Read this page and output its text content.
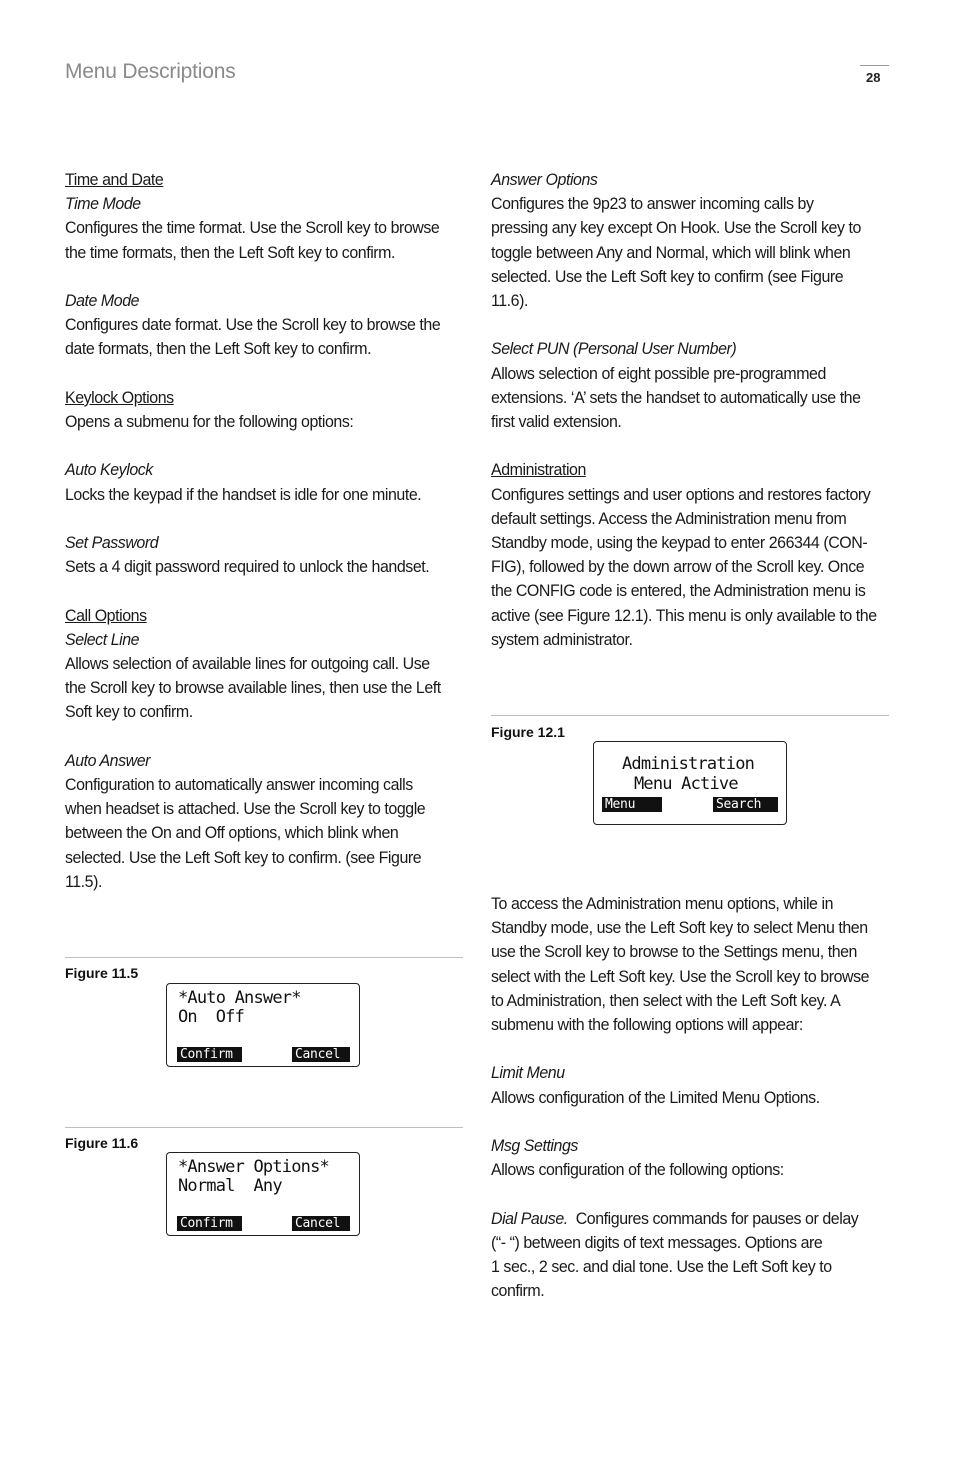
Menu Descriptions	28

Time and Date

Time Mode

Configures the time format. Use the Scroll key to browse

the time formats, then the Left Soft key to confirm.

Date Mode

Configures date format. Use the Scroll key to browse the

date formats, then the Left Soft key to confirm.

Keylock Options

Opens a submenu for the following options:

Auto Keylock

Locks the keypad if the handset is idle for one minute.

Set Password

Sets a 4 digit password required to unlock the handset.

Call Options

Select Line

Allows selection of available lines for outgoing call. Use

the Scroll key to browse available lines, then use the Left

Soft key to confirm.

Auto Answer

Configuration to automatically answer incoming calls

when headset is attached. Use the Scroll key to toggle

between the On and Off options, which blink when

selected. Use the Left Soft key to confirm. (see Figure

11.5).

Answer Options

Configures the 9p23 to answer incoming calls by

pressing any key except On Hook. Use the Scroll key to

toggle between Any and Normal, which will blink when

selected. Use the Left Soft key to confirm (see Figure

11.6).

Select PUN (Personal User Number)

Allows selection of eight possible pre-programmed

extensions. ‘A’ sets the handset to automatically use the

first valid extension.

Administration

Configures settings and user options and restores factory

default settings. Access the Administration menu from

Standby mode, using the keypad to enter 266344 (CON-

FIG), followed by the down arrow of the Scroll key. Once

the CONFIG code is entered, the Administration menu is

active (see Figure 12.1). This menu is only available to the

system administrator.

To access the Administration menu options, while in

Standby mode, use the Left Soft key to select Menu then

use the Scroll key to browse to the Settings menu, then

select with the Left Soft key. Use the Scroll key to browse

to Administration, then select with the Left Soft key. A

submenu with the following options will appear:

Limit Menu

Allows configuration of the Limited Menu Options.

Msg Settings

Allows configuration of the following options:

Dial Pause.  Configures commands for pauses or delay

(“- “) between digits of text messages. Options are

1 sec., 2 sec. and dial tone. Use the Left Soft key to

confirm.

Figure 12.1
Administration
Menu Active
Menu	Search
Figure 11.5
*Auto Answer*
On  Off
Confirm	Cancel
Figure 11.6
*Answer Options*
Normal  Any
Confirm	Cancel
